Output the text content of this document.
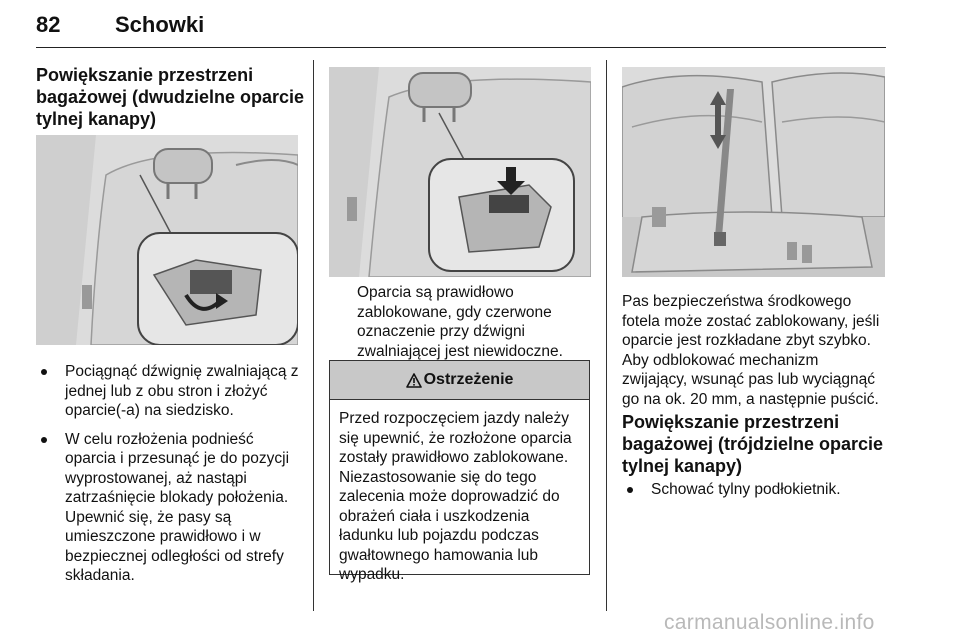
82 Schowki
Powiększanie przestrzeni
bagażowej (dwudzielne oparcie
tylnej kanapy)
Pociągnąć dźwignię zwalniającą z jednej lub z obu stron i złożyć oparcie(-a) na siedzisko.
W celu rozłożenia podnieść oparcia i przesunąć je do pozycji wyprostowanej, aż nastąpi zatrzaśnięcie blokady położenia. Upewnić się, że pasy są umieszczone prawidłowo i w bezpiecznej odległości od strefy składania.

Oparcia są prawidłowo zablokowane, gdy czerwone oznaczenie przy dźwigni zwalniającej jest niewidoczne.

Ostrzeżenie
Przed rozpoczęciem jazdy należy się upewnić, że rozłożone oparcia zostały prawidłowo zablokowane. Niezastosowanie się do tego zalecenia może doprowadzić do obrażeń ciała i uszkodzenia ładunku lub pojazdu podczas gwałtownego hamowania lub wypadku.

Pas bezpieczeństwa środkowego fotela może zostać zablokowany, jeśli oparcie jest rozkładane zbyt szybko. Aby odblokować mechanizm zwijający, wsunąć pas lub wyciągnąć go na ok. 20 mm, a następnie puścić.

Powiększanie przestrzeni
bagażowej (trójdzielne oparcie
tylnej kanapy)
Schować tylny podłokietnik.
carmanualsonline.info
